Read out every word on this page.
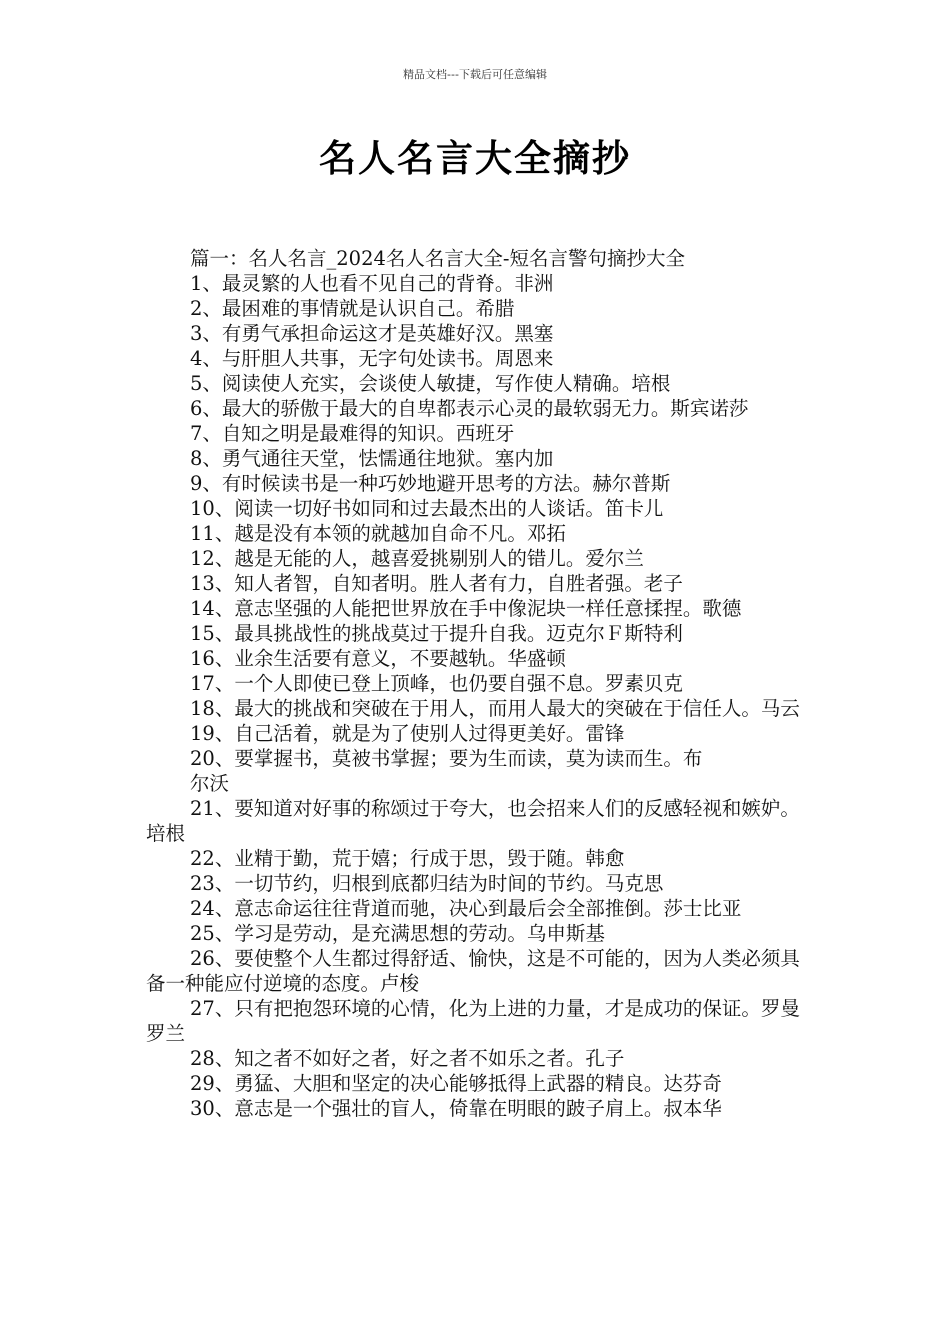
精品文档---下载后可任意编辑
名人名言大全摘抄
篇一：名人名言_2024名人名言大全-短名言警句摘抄大全
1、最灵繁的人也看不见自己的背脊。非洲
2、最困难的事情就是认识自己。希腊
3、有勇气承担命运这才是英雄好汉。黑塞
4、与肝胆人共事，无字句处读书。周恩来
5、阅读使人充实，会谈使人敏捷，写作使人精确。培根
6、最大的骄傲于最大的自卑都表示心灵的最软弱无力。斯宾诺莎
7、自知之明是最难得的知识。西班牙
8、勇气通往天堂，怯懦通往地狱。塞内加
9、有时候读书是一种巧妙地避开思考的方法。赫尔普斯
10、阅读一切好书如同和过去最杰出的人谈话。笛卡儿
11、越是没有本领的就越加自命不凡。邓拓
12、越是无能的人，越喜爱挑剔别人的错儿。爱尔兰
13、知人者智，自知者明。胜人者有力，自胜者强。老子
14、意志坚强的人能把世界放在手中像泥块一样任意揉捏。歌德
15、最具挑战性的挑战莫过于提升自我。迈克尔Ｆ斯特利
16、业余生活要有意义，不要越轨。华盛顿
17、一个人即使已登上顶峰，也仍要自强不息。罗素贝克
18、最大的挑战和突破在于用人，而用人最大的突破在于信任人。马云
19、自己活着，就是为了使别人过得更美好。雷锋
20、要掌握书，莫被书掌握；要为生而读，莫为读而生。布
尔沃
21、要知道对好事的称颂过于夸大，也会招来人们的反感轻视和嫉妒。培根
22、业精于勤，荒于嬉；行成于思，毁于随。韩愈
23、一切节约，归根到底都归结为时间的节约。马克思
24、意志命运往往背道而驰，决心到最后会全部推倒。莎士比亚
25、学习是劳动，是充满思想的劳动。乌申斯基
26、要使整个人生都过得舒适、愉快，这是不可能的，因为人类必须具备一种能应付逆境的态度。卢梭
27、只有把抱怨环境的心情，化为上进的力量，才是成功的保证。罗曼罗兰
28、知之者不如好之者，好之者不如乐之者。孔子
29、勇猛、大胆和坚定的决心能够抵得上武器的精良。达芬奇
30、意志是一个强壮的盲人，倚靠在明眼的跛子肩上。叔本华
